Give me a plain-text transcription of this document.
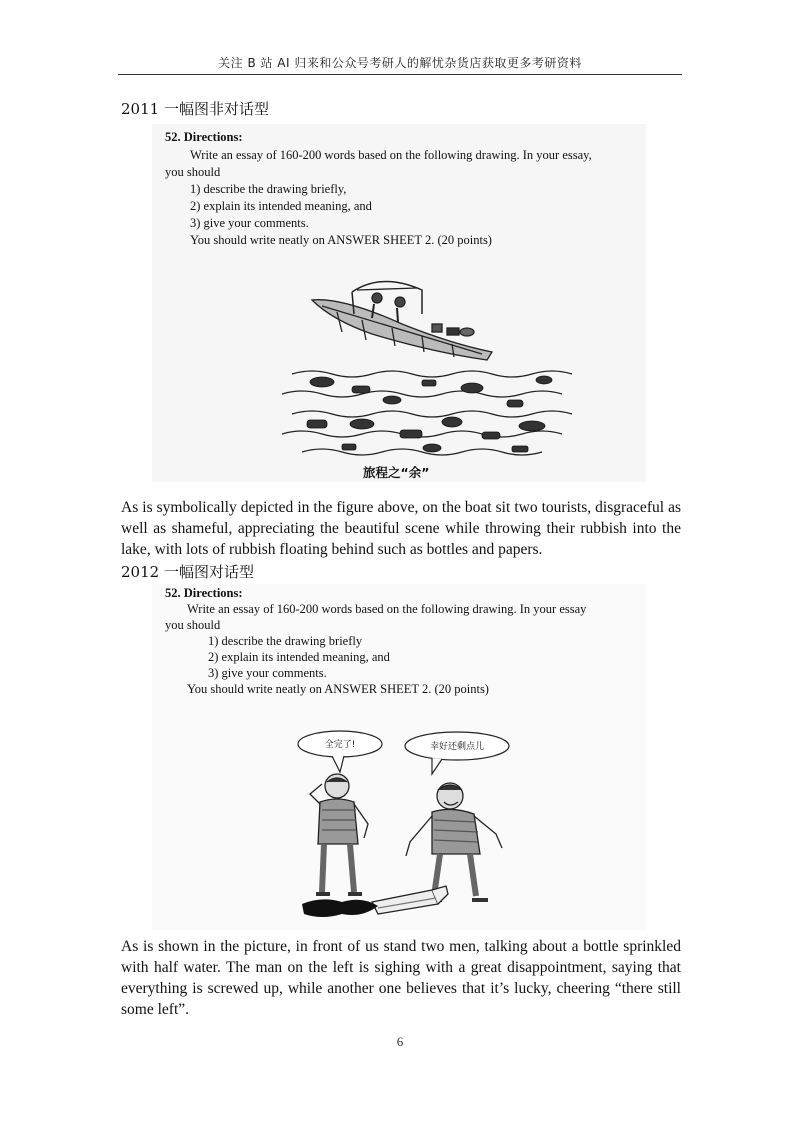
关注 B 站 AI 归来和公众号考研人的解忧杂货店获取更多考研资料
2011 一幅图非对话型
52. Directions:
Write an essay of 160-200 words based on the following drawing. In your essay,
you should
1) describe the drawing briefly,
2) explain its intended meaning, and
3) give your comments.
You should write neatly on ANSWER SHEET 2. (20 points)
旅程之“余”
As is symbolically depicted in the figure above, on the boat sit two tourists, disgraceful as well as shameful, appreciating the beautiful scene while throwing their rubbish into the lake, with lots of rubbish floating behind such as bottles and papers.
2012 一幅图对话型
52. Directions:
Write an essay of 160-200 words based on the following drawing. In your essay
you should
1) describe the drawing briefly
2) explain its intended meaning, and
3) give your comments.
You should write neatly on ANSWER SHEET 2. (20 points)
全完了!	幸好还剩点儿
As is shown in the picture, in front of us stand two men, talking about a bottle sprinkled with half water. The man on the left is sighing with a great disappointment, saying that everything is screwed up, while another one believes that it’s lucky, cheering “there still some left”.
6
